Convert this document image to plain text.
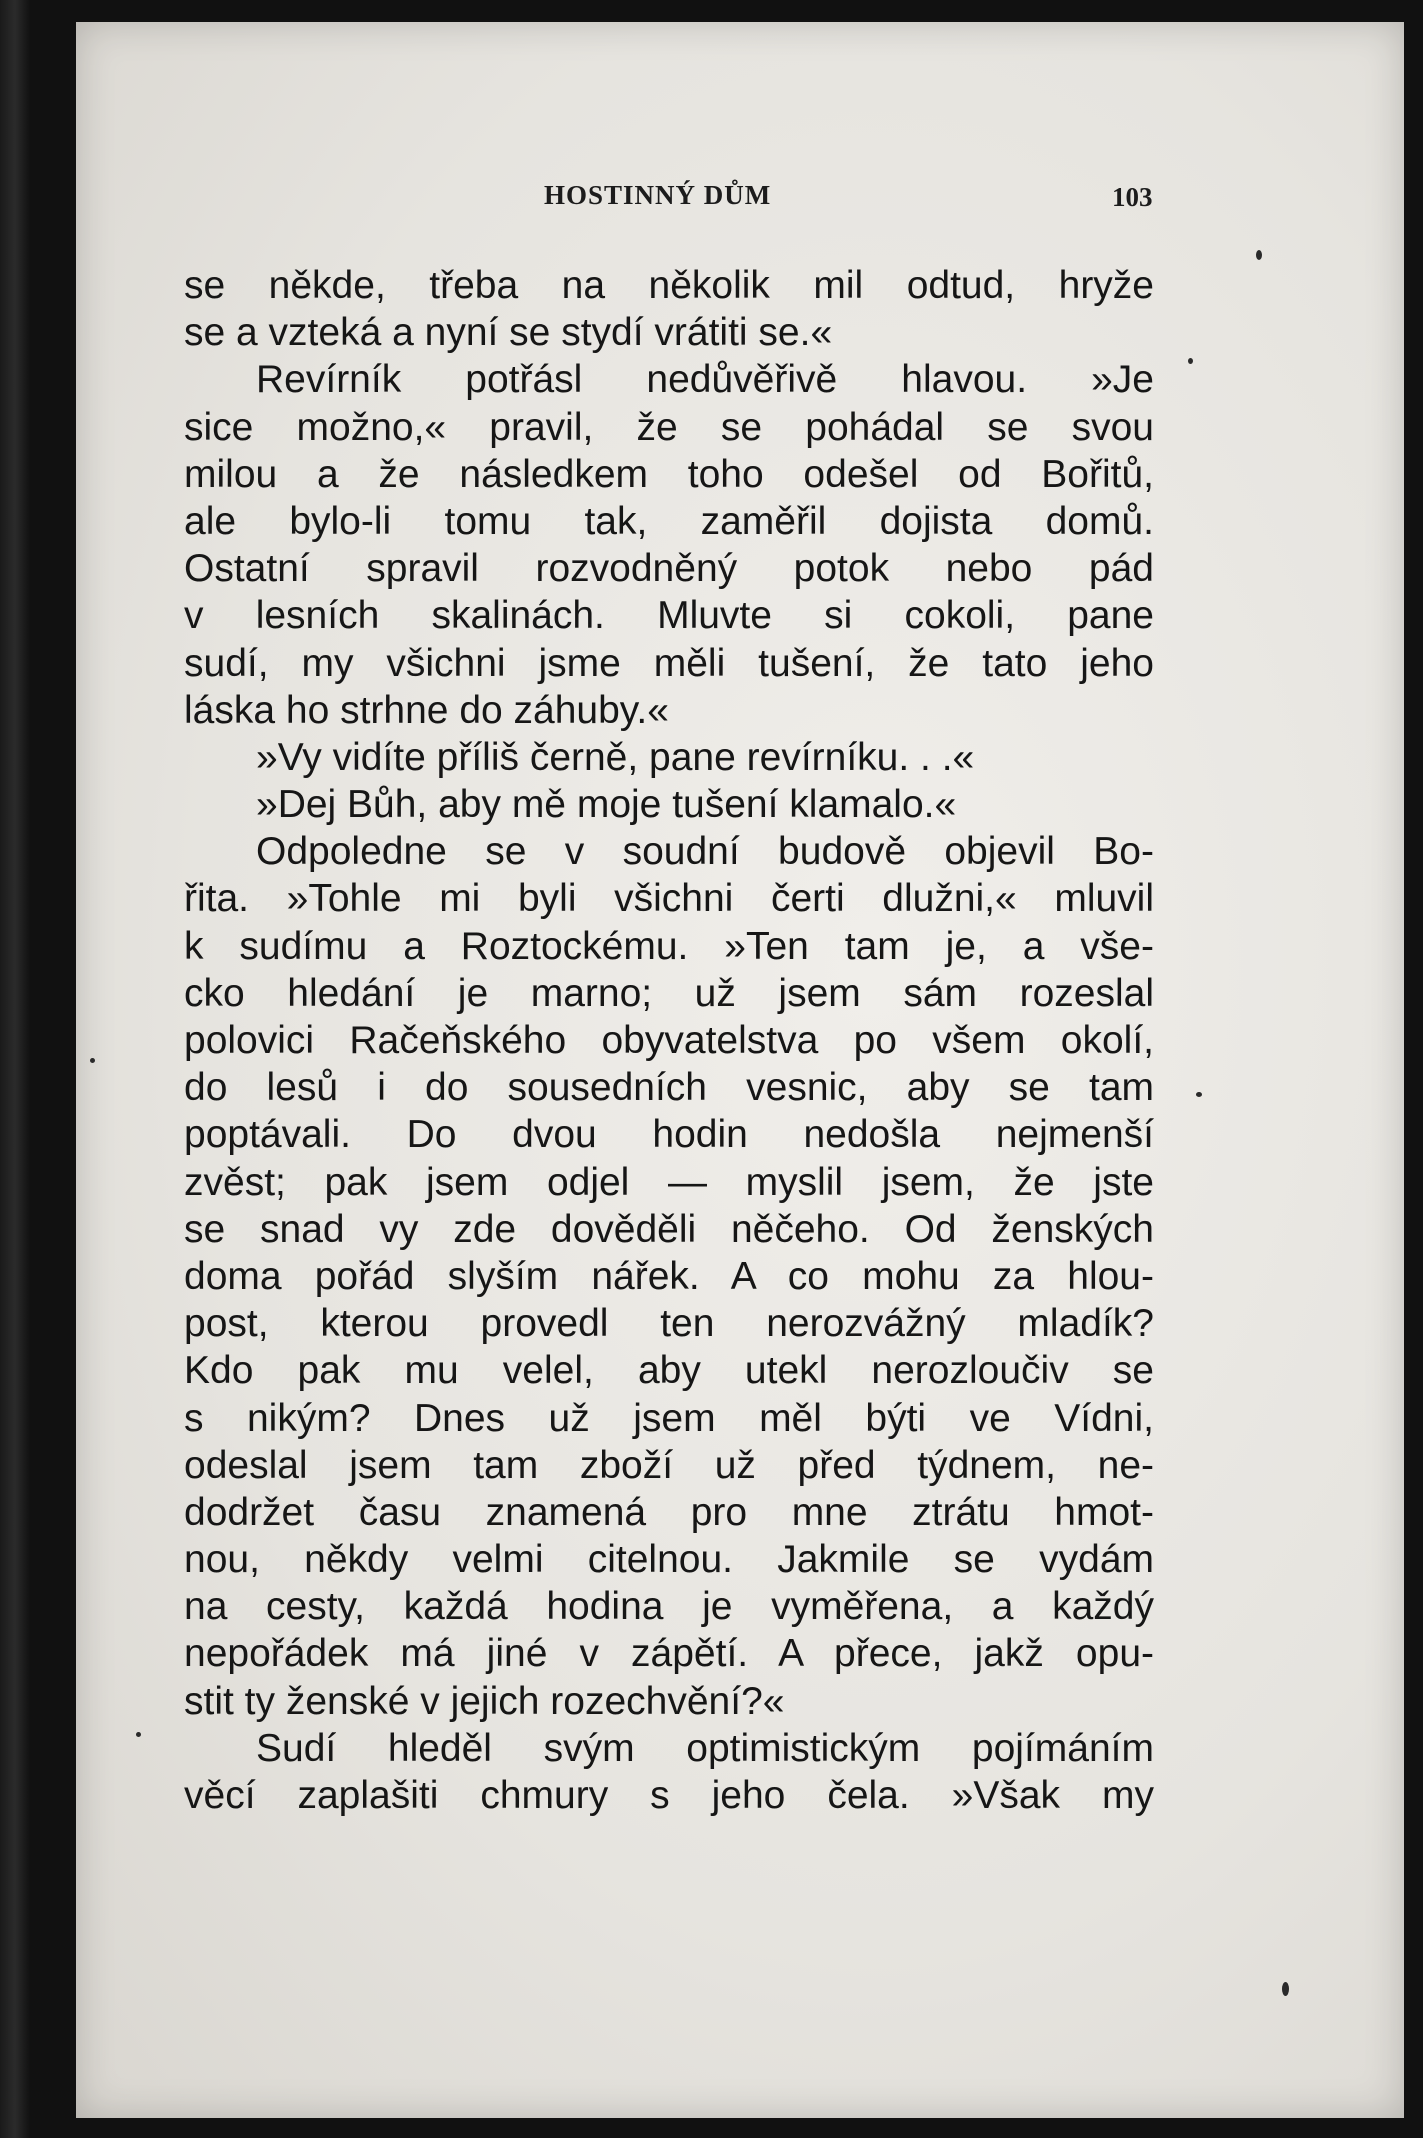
HOSTINNÝ DŮM	103
se někde, třeba na několik mil odtud, hryže
se a vzteká a nyní se stydí vrátiti se.«
Revírník potřásl nedůvěřivě hlavou. »Je
sice možno,« pravil, že se pohádal se svou
milou a že následkem toho odešel od Bořitů,
ale bylo-li tomu tak, zaměřil dojista domů.
Ostatní spravil rozvodněný potok nebo pád
v lesních skalinách. Mluvte si cokoli, pane
sudí, my všichni jsme měli tušení, že tato jeho
láska ho strhne do záhuby.«
»Vy vidíte příliš černě, pane revírníku. . .«
»Dej Bůh, aby mě moje tušení klamalo.«
Odpoledne se v soudní budově objevil Bo-
řita. »Tohle mi byli všichni čerti dlužni,« mluvil
k sudímu a Roztockému. »Ten tam je, a vše-
cko hledání je marno; už jsem sám rozeslal
polovici Račeňského obyvatelstva po všem okolí,
do lesů i do sousedních vesnic, aby se tam
poptávali. Do dvou hodin nedošla nejmenší
zvěst; pak jsem odjel — myslil jsem, že jste
se snad vy zde dověděli něčeho. Od ženských
doma pořád slyším nářek. A co mohu za hlou-
post, kterou provedl ten nerozvážný mladík?
Kdo pak mu velel, aby utekl nerozloučiv se
s nikým? Dnes už jsem měl býti ve Vídni,
odeslal jsem tam zboží už před týdnem, ne-
dodržet času znamená pro mne ztrátu hmot-
nou, někdy velmi citelnou. Jakmile se vydám
na cesty, každá hodina je vyměřena, a každý
nepořádek má jiné v zápětí. A přece, jakž opu-
stit ty ženské v jejich rozechvění?«
Sudí hleděl svým optimistickým pojímáním
věcí zaplašiti chmury s jeho čela. »Však my
